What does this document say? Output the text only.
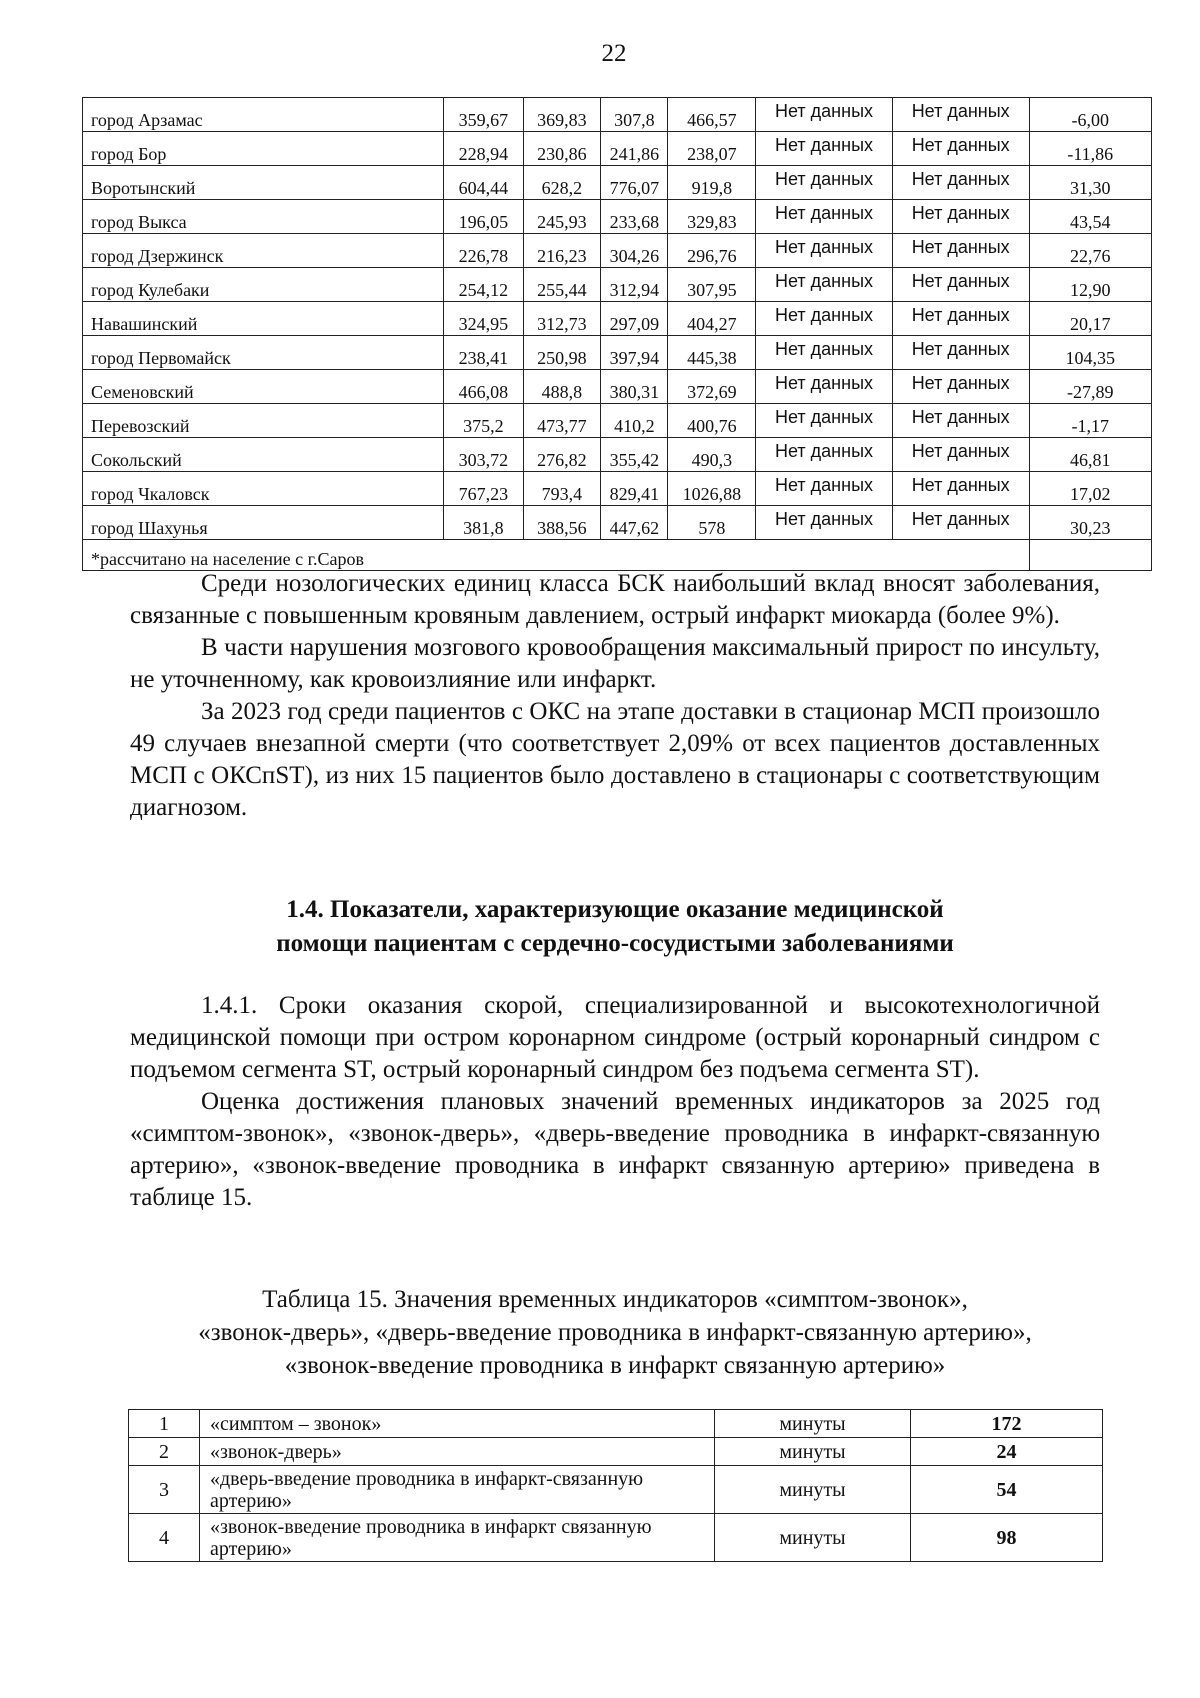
22
город Арзамас	359,67	369,83	307,8	466,57	Нет данных	Нет данных	-6,00
город Бор	228,94	230,86	241,86	238,07	Нет данных	Нет данных	-11,86
Воротынский	604,44	628,2	776,07	919,8	Нет данных	Нет данных	31,30
город Выкса	196,05	245,93	233,68	329,83	Нет данных	Нет данных	43,54
город Дзержинск	226,78	216,23	304,26	296,76	Нет данных	Нет данных	22,76
город Кулебаки	254,12	255,44	312,94	307,95	Нет данных	Нет данных	12,90
Навашинский	324,95	312,73	297,09	404,27	Нет данных	Нет данных	20,17
город Первомайск	238,41	250,98	397,94	445,38	Нет данных	Нет данных	104,35
Семеновский	466,08	488,8	380,31	372,69	Нет данных	Нет данных	-27,89
Перевозский	375,2	473,77	410,2	400,76	Нет данных	Нет данных	-1,17
Сокольский	303,72	276,82	355,42	490,3	Нет данных	Нет данных	46,81
город Чкаловск	767,23	793,4	829,41	1026,88	Нет данных	Нет данных	17,02
город Шахунья	381,8	388,56	447,62	578	Нет данных	Нет данных	30,23
*рассчитано на население с г.Саров							

Среди нозологических единиц класса БСК наибольший вклад вносят заболевания, связанные с повышенным кровяным давлением, острый инфаркт миокарда (более 9%).

В части нарушения мозгового кровообращения максимальный прирост по инсульту, не уточненному, как кровоизлияние или инфаркт.

За 2023 год среди пациентов с ОКС на этапе доставки в стационар МСП произошло 49 случаев внезапной смерти (что соответствует 2,09% от всех пациентов доставленных МСП с ОКСпST), из них 15 пациентов было доставлено в стационары с соответствующим диагнозом.

1.4. Показатели, характеризующие оказание медицинской
помощи пациентам с сердечно-сосудистыми заболеваниями

1.4.1. Сроки оказания скорой, специализированной и высокотехнологичной медицинской помощи при остром коронарном синдроме (острый коронарный синдром с подъемом сегмента ST, острый коронарный синдром без подъема сегмента ST).

Оценка достижения плановых значений временных индикаторов за 2025 год «симптом-звонок», «звонок-дверь», «дверь-введение проводника в инфаркт-связанную артерию», «звонок-введение проводника в инфаркт связанную артерию» приведена в таблице 15.

Таблица 15. Значения временных индикаторов «симптом-звонок»,
«звонок-дверь», «дверь-введение проводника в инфаркт-связанную артерию»,
«звонок-введение проводника в инфаркт связанную артерию»
1	«симптом – звонок»	минуты	172
2	«звонок-дверь»	минуты	24
3	«дверь-введение проводника в инфаркт-связанную артерию»	минуты	54
4	«звонок-введение проводника в инфаркт связанную артерию»	минуты	98
